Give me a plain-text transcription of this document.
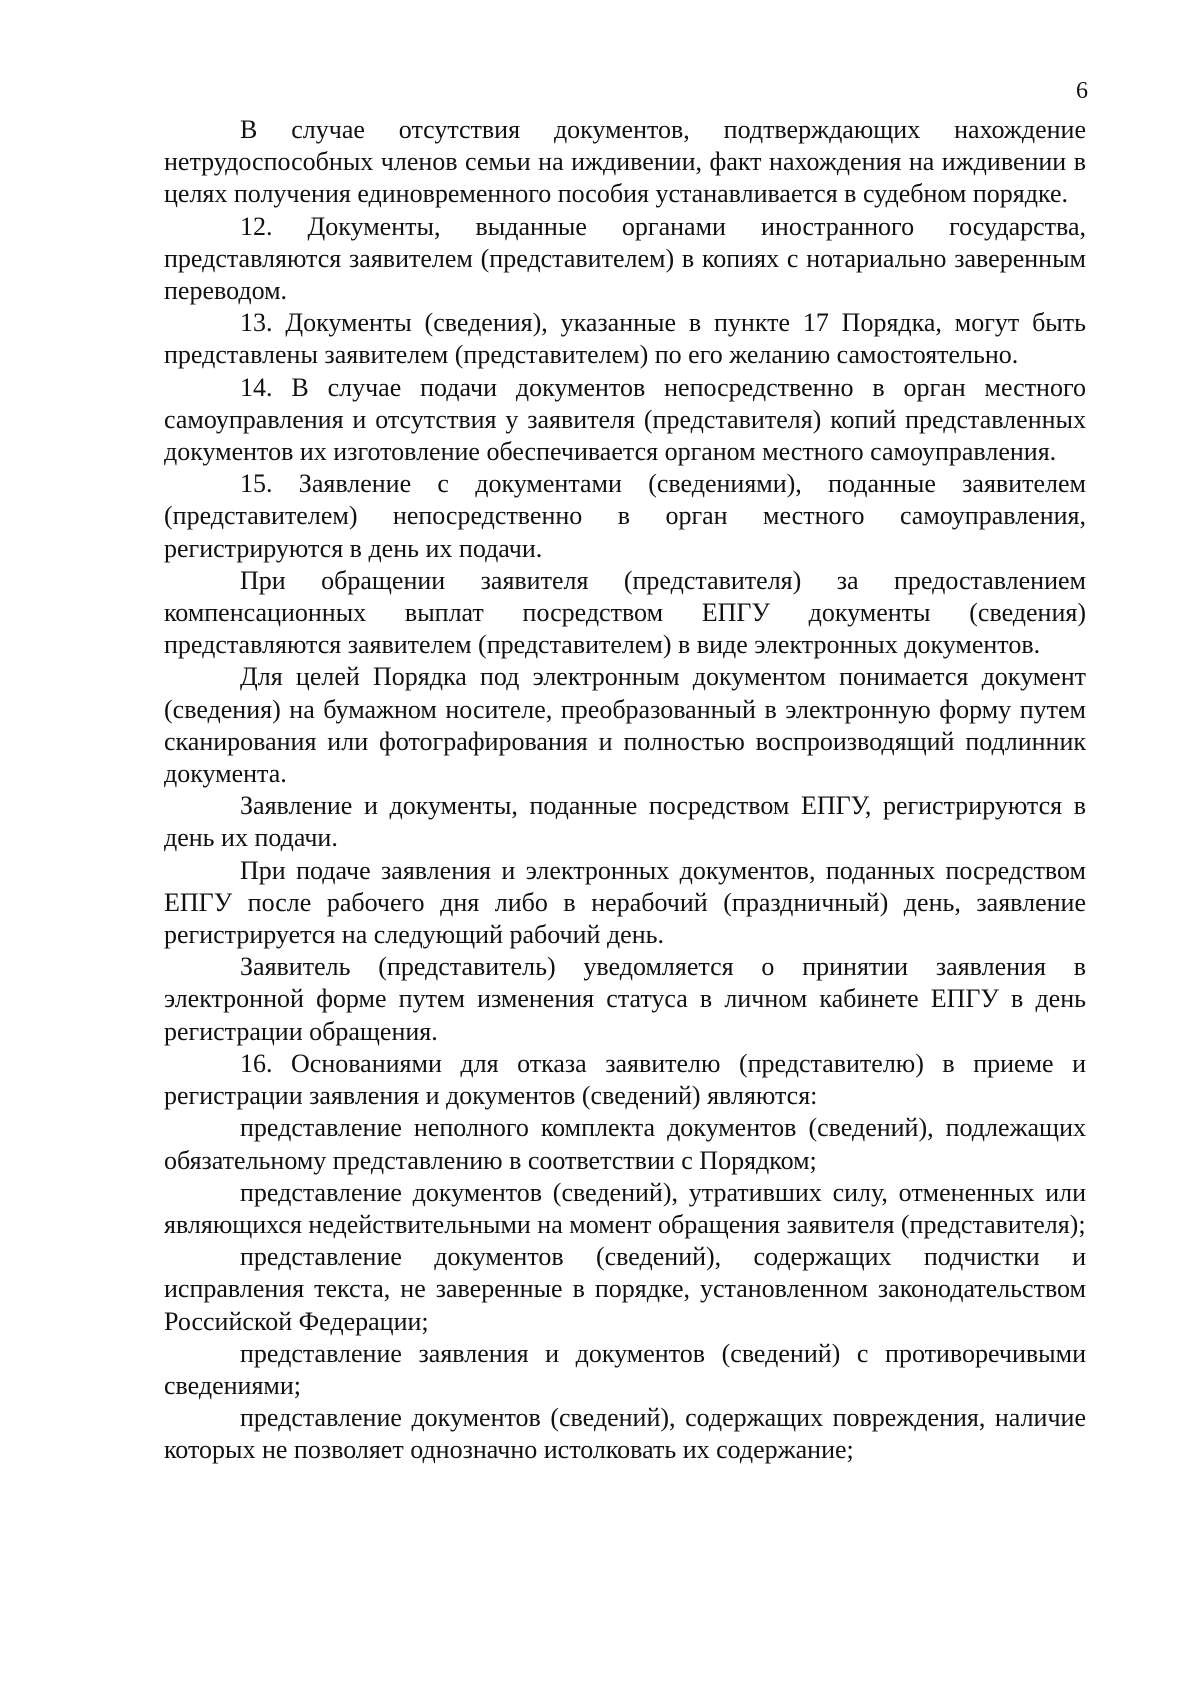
6

В случае отсутствия документов, подтверждающих нахождение нетрудоспособных членов семьи на иждивении, факт нахождения на иждивении в целях получения единовременного пособия устанавливается в судебном порядке.

12. Документы, выданные органами иностранного государства, представляются заявителем (представителем) в копиях с нотариально заверенным переводом.

13. Документы (сведения), указанные в пункте 17 Порядка, могут быть представлены заявителем (представителем) по его желанию самостоятельно.

14. В случае подачи документов непосредственно в орган местного самоуправления и отсутствия у заявителя (представителя) копий представленных документов их изготовление обеспечивается органом местного самоуправления.

15. Заявление с документами (сведениями), поданные заявителем (представителем) непосредственно в орган местного самоуправления, регистрируются в день их подачи.

При обращении заявителя (представителя) за предоставлением компенсационных выплат посредством ЕПГУ документы (сведения) представляются заявителем (представителем) в виде электронных документов.

Для целей Порядка под электронным документом понимается документ (сведения) на бумажном носителе, преобразованный в электронную форму путем сканирования или фотографирования и полностью воспроизводящий подлинник документа.

Заявление и документы, поданные посредством ЕПГУ, регистрируются в день их подачи.

При подаче заявления и электронных документов, поданных посредством ЕПГУ после рабочего дня либо в нерабочий (праздничный) день, заявление регистрируется на следующий рабочий день.

Заявитель (представитель) уведомляется о принятии заявления в электронной форме путем изменения статуса в личном кабинете ЕПГУ в день регистрации обращения.

16. Основаниями для отказа заявителю (представителю) в приеме и регистрации заявления и документов (сведений) являются:

представление неполного комплекта документов (сведений), подлежащих обязательному представлению в соответствии с Порядком;

представление документов (сведений), утративших силу, отмененных или являющихся недействительными на момент обращения заявителя (представителя);

представление документов (сведений), содержащих подчистки и исправления текста, не заверенные в порядке, установленном законодательством Российской Федерации;

представление заявления и документов (сведений) с противоречивыми сведениями;

представление документов (сведений), содержащих повреждения, наличие которых не позволяет однозначно истолковать их содержание;
